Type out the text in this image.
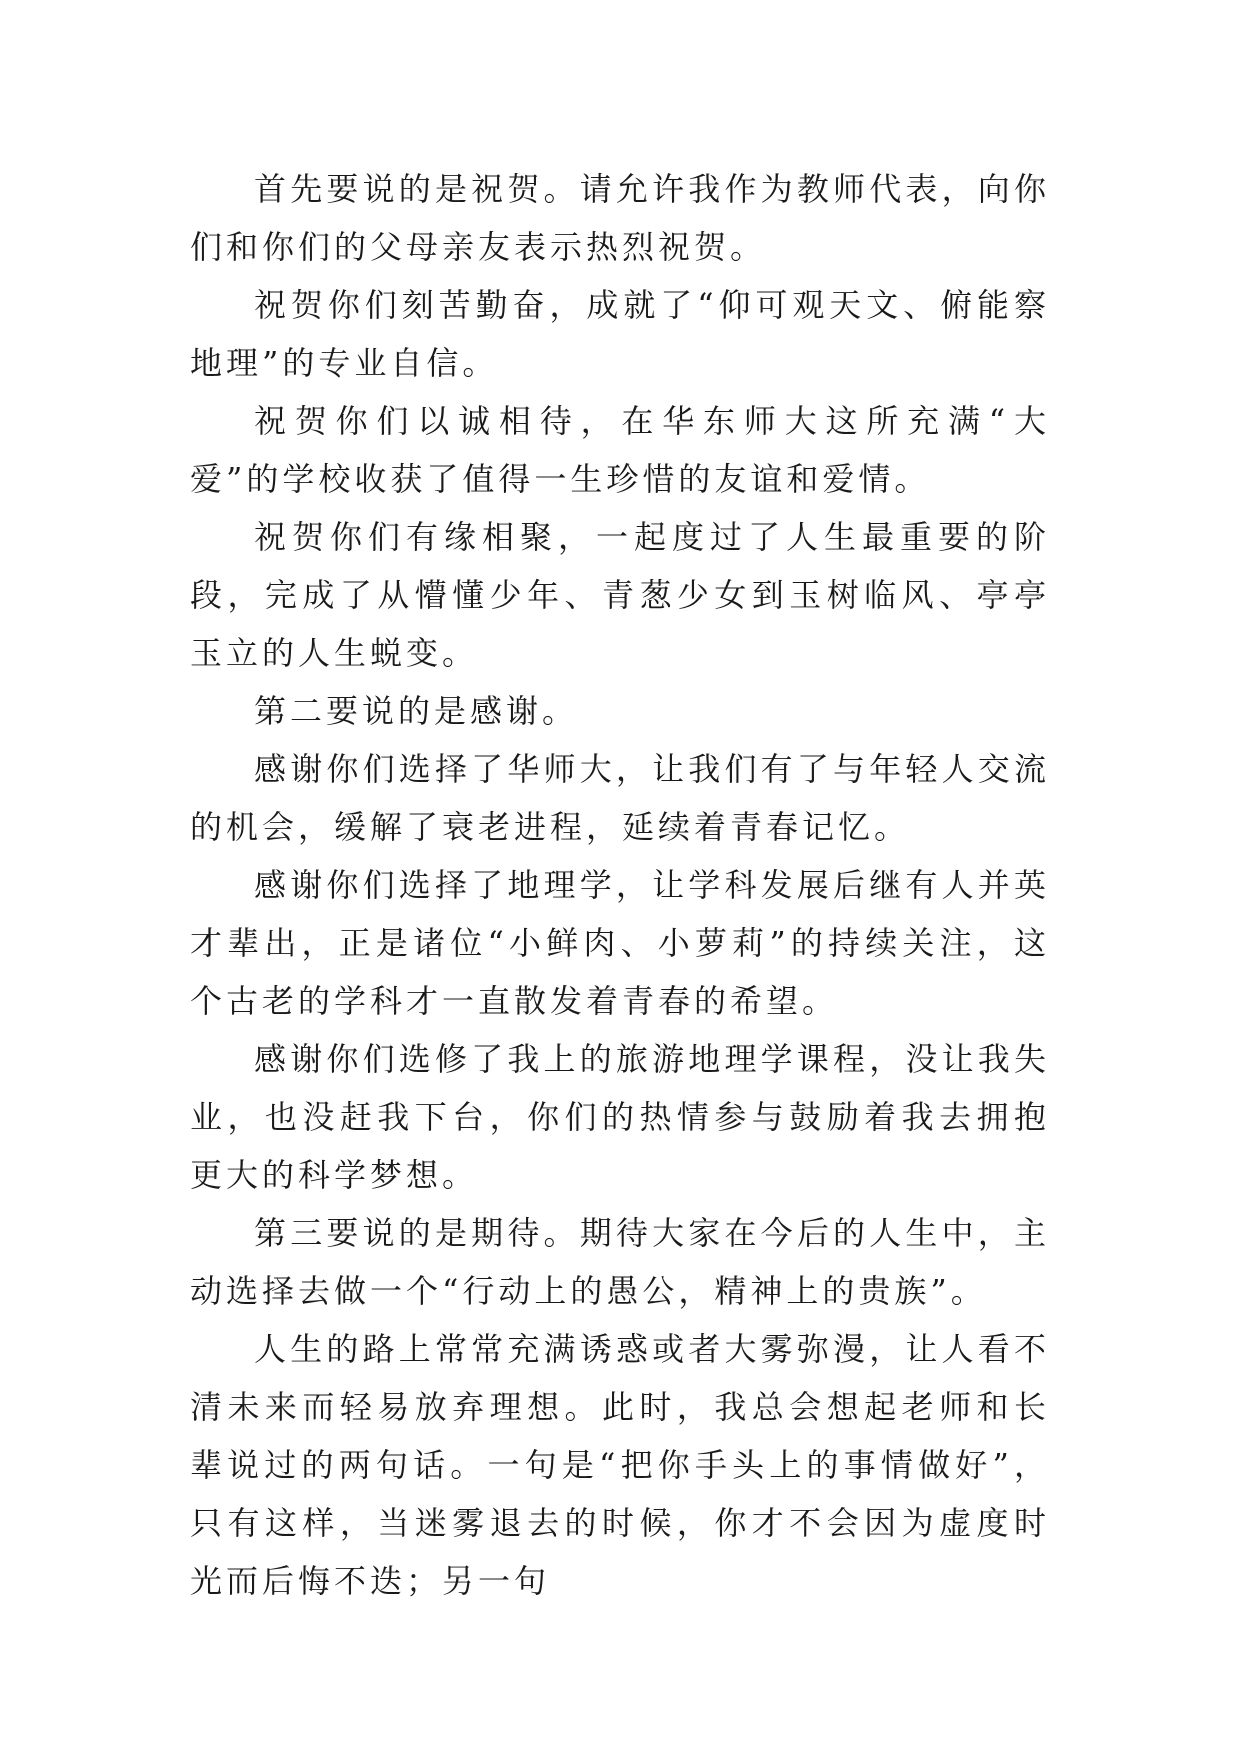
首先要说的是祝贺。请允许我作为教师代表，向你们和你们的父母亲友表示热烈祝贺。

祝贺你们刻苦勤奋，成就了“仰可观天文、俯能察地理”的专业自信。

祝贺你们以诚相待，在华东师大这所充满“大爱”的学校收获了值得一生珍惜的友谊和爱情。

祝贺你们有缘相聚，一起度过了人生最重要的阶段，完成了从懵懂少年、青葱少女到玉树临风、亭亭玉立的人生蜕变。

第二要说的是感谢。

感谢你们选择了华师大，让我们有了与年轻人交流的机会，缓解了衰老进程，延续着青春记忆。

感谢你们选择了地理学，让学科发展后继有人并英才辈出，正是诸位“小鲜肉、小萝莉”的持续关注，这个古老的学科才一直散发着青春的希望。

感谢你们选修了我上的旅游地理学课程，没让我失业，也没赶我下台，你们的热情参与鼓励着我去拥抱更大的科学梦想。

第三要说的是期待。期待大家在今后的人生中，主动选择去做一个“行动上的愚公，精神上的贵族”。

人生的路上常常充满诱惑或者大雾弥漫，让人看不清未来而轻易放弃理想。此时，我总会想起老师和长辈说过的两句话。一句是“把你手头上的事情做好”，只有这样，当迷雾退去的时候，你才不会因为虚度时光而后悔不迭；另一句
